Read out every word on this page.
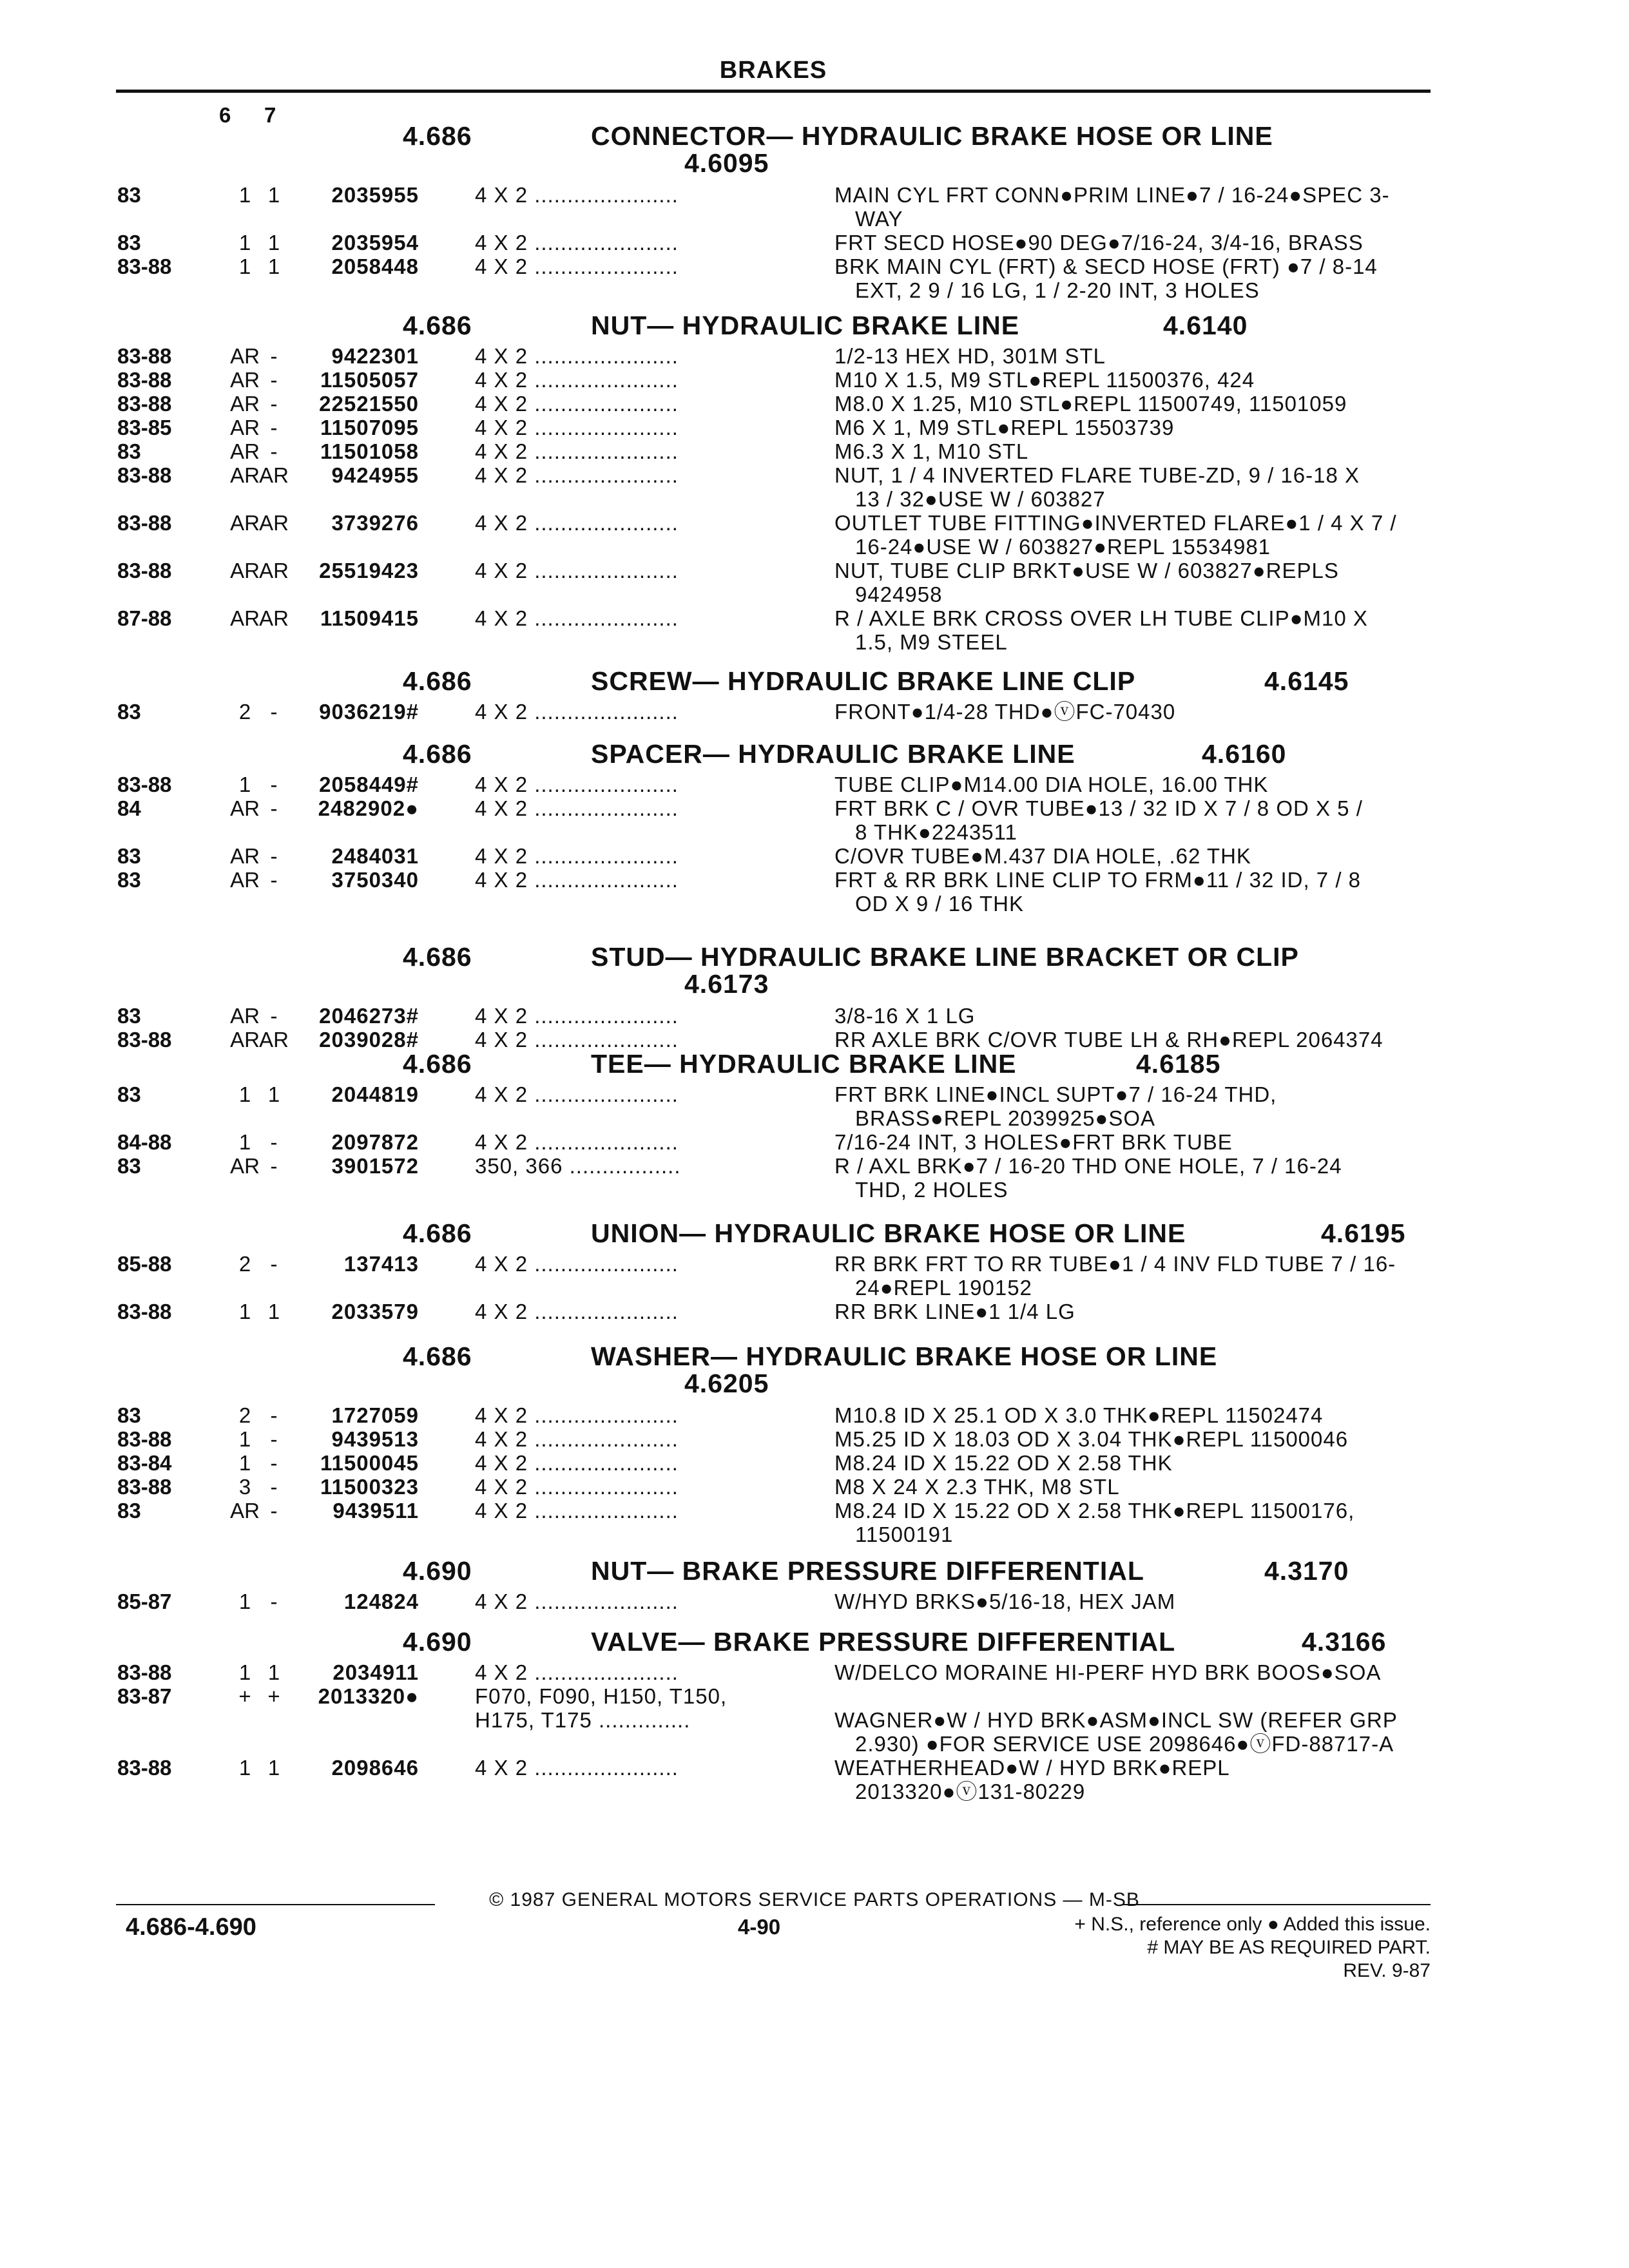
BRAKES
6 7
4.686	CONNECTOR— HYDRAULIC BRAKE HOSE OR LINE
4.6095
83	1 1	2035955	4 X 2 ......................	MAIN CYL FRT CONN●PRIM LINE●7 / 16-24●SPEC 3-
WAY
83	1 1	2035954	4 X 2 ......................	FRT SECD HOSE●90 DEG●7/16-24, 3/4-16, BRASS
83-88	1 1	2058448	4 X 2 ......................	BRK MAIN CYL (FRT) & SECD HOSE (FRT) ●7 / 8-14
EXT, 2 9 / 16 LG, 1 / 2-20 INT, 3 HOLES
4.686	NUT— HYDRAULIC BRAKE LINE	4.6140
83-88	AR -	9422301	4 X 2 ......................	1/2-13 HEX HD, 301M STL
83-88	AR -	11505057	4 X 2 ......................	M10 X 1.5, M9 STL●REPL 11500376, 424
83-88	AR -	22521550	4 X 2 ......................	M8.0 X 1.25, M10 STL●REPL 11500749, 11501059
83-85	AR -	11507095	4 X 2 ......................	M6 X 1, M9 STL●REPL 15503739
83	AR -	11501058	4 X 2 ......................	M6.3 X 1, M10 STL
83-88	AR AR	9424955	4 X 2 ......................	NUT, 1 / 4 INVERTED FLARE TUBE-ZD, 9 / 16-18 X
13 / 32●USE W / 603827
83-88	AR AR	3739276	4 X 2 ......................	OUTLET TUBE FITTING●INVERTED FLARE●1 / 4 X 7 /
16-24●USE W / 603827●REPL 15534981
83-88	AR AR	25519423	4 X 2 ......................	NUT, TUBE CLIP BRKT●USE W / 603827●REPLS
9424958
87-88	AR AR	11509415	4 X 2 ......................	R / AXLE BRK CROSS OVER LH TUBE CLIP●M10 X
1.5, M9 STEEL
4.686	SCREW— HYDRAULIC BRAKE LINE CLIP	4.6145
83	2 -	9036219#	4 X 2 ......................	FRONT●1/4-28 THD●ⓥFC-70430
4.686	SPACER— HYDRAULIC BRAKE LINE	4.6160
83-88	1 -	2058449#	4 X 2 ......................	TUBE CLIP●M14.00 DIA HOLE, 16.00 THK
84	AR -	2482902●	4 X 2 ......................	FRT BRK C / OVR TUBE●13 / 32 ID X 7 / 8 OD X 5 /
8 THK●2243511
83	AR -	2484031	4 X 2 ......................	C/OVR TUBE●M.437 DIA HOLE, .62 THK
83	AR -	3750340	4 X 2 ......................	FRT & RR BRK LINE CLIP TO FRM●11 / 32 ID, 7 / 8
OD X 9 / 16 THK
4.686	STUD— HYDRAULIC BRAKE LINE BRACKET OR CLIP
4.6173
83	AR -	2046273#	4 X 2 ......................	3/8-16 X 1 LG
83-88	AR AR	2039028#	4 X 2 ......................	RR AXLE BRK C/OVR TUBE LH & RH●REPL 2064374
4.686	TEE— HYDRAULIC BRAKE LINE	4.6185
83	1 1	2044819	4 X 2 ......................	FRT BRK LINE●INCL SUPT●7 / 16-24 THD,
BRASS●REPL 2039925●SOA
84-88	1 -	2097872	4 X 2 ......................	7/16-24 INT, 3 HOLES●FRT BRK TUBE
83	AR -	3901572	350, 366 .................	R / AXL BRK●7 / 16-20 THD ONE HOLE, 7 / 16-24
THD, 2 HOLES
4.686	UNION— HYDRAULIC BRAKE HOSE OR LINE	4.6195
85-88	2 -	137413	4 X 2 ......................	RR BRK FRT TO RR TUBE●1 / 4 INV FLD TUBE 7 / 16-
24●REPL 190152
83-88	1 1	2033579	4 X 2 ......................	RR BRK LINE●1 1/4 LG
4.686	WASHER— HYDRAULIC BRAKE HOSE OR LINE
4.6205
83	2 -	1727059	4 X 2 ......................	M10.8 ID X 25.1 OD X 3.0 THK●REPL 11502474
83-88	1 -	9439513	4 X 2 ......................	M5.25 ID X 18.03 OD X 3.04 THK●REPL 11500046
83-84	1 -	11500045	4 X 2 ......................	M8.24 ID X 15.22 OD X 2.58 THK
83-88	3 -	11500323	4 X 2 ......................	M8 X 24 X 2.3 THK, M8 STL
83	AR -	9439511	4 X 2 ......................	M8.24 ID X 15.22 OD X 2.58 THK●REPL 11500176,
11500191
4.690	NUT— BRAKE PRESSURE DIFFERENTIAL	4.3170
85-87	1 -	124824	4 X 2 ......................	W/HYD BRKS●5/16-18, HEX JAM
4.690	VALVE— BRAKE PRESSURE DIFFERENTIAL	4.3166
83-88	1 1	2034911	4 X 2 ......................	W/DELCO MORAINE HI-PERF HYD BRK BOOS●SOA
83-87	+ +	2013320●	F070, F090, H150, T150,
H175, T175 ..............	WAGNER●W / HYD BRK●ASM●INCL SW (REFER GRP
2.930) ●FOR SERVICE USE 2098646●ⓥFD-88717-A
83-88	1 1	2098646	4 X 2 ......................	WEATHERHEAD●W / HYD BRK●REPL
2013320●ⓥ131-80229
© 1987 GENERAL MOTORS SERVICE PARTS OPERATIONS — M-SB
4.686-4.690	4-90	+ N.S., reference only ● Added this issue.
# MAY BE AS REQUIRED PART.
REV. 9-87
